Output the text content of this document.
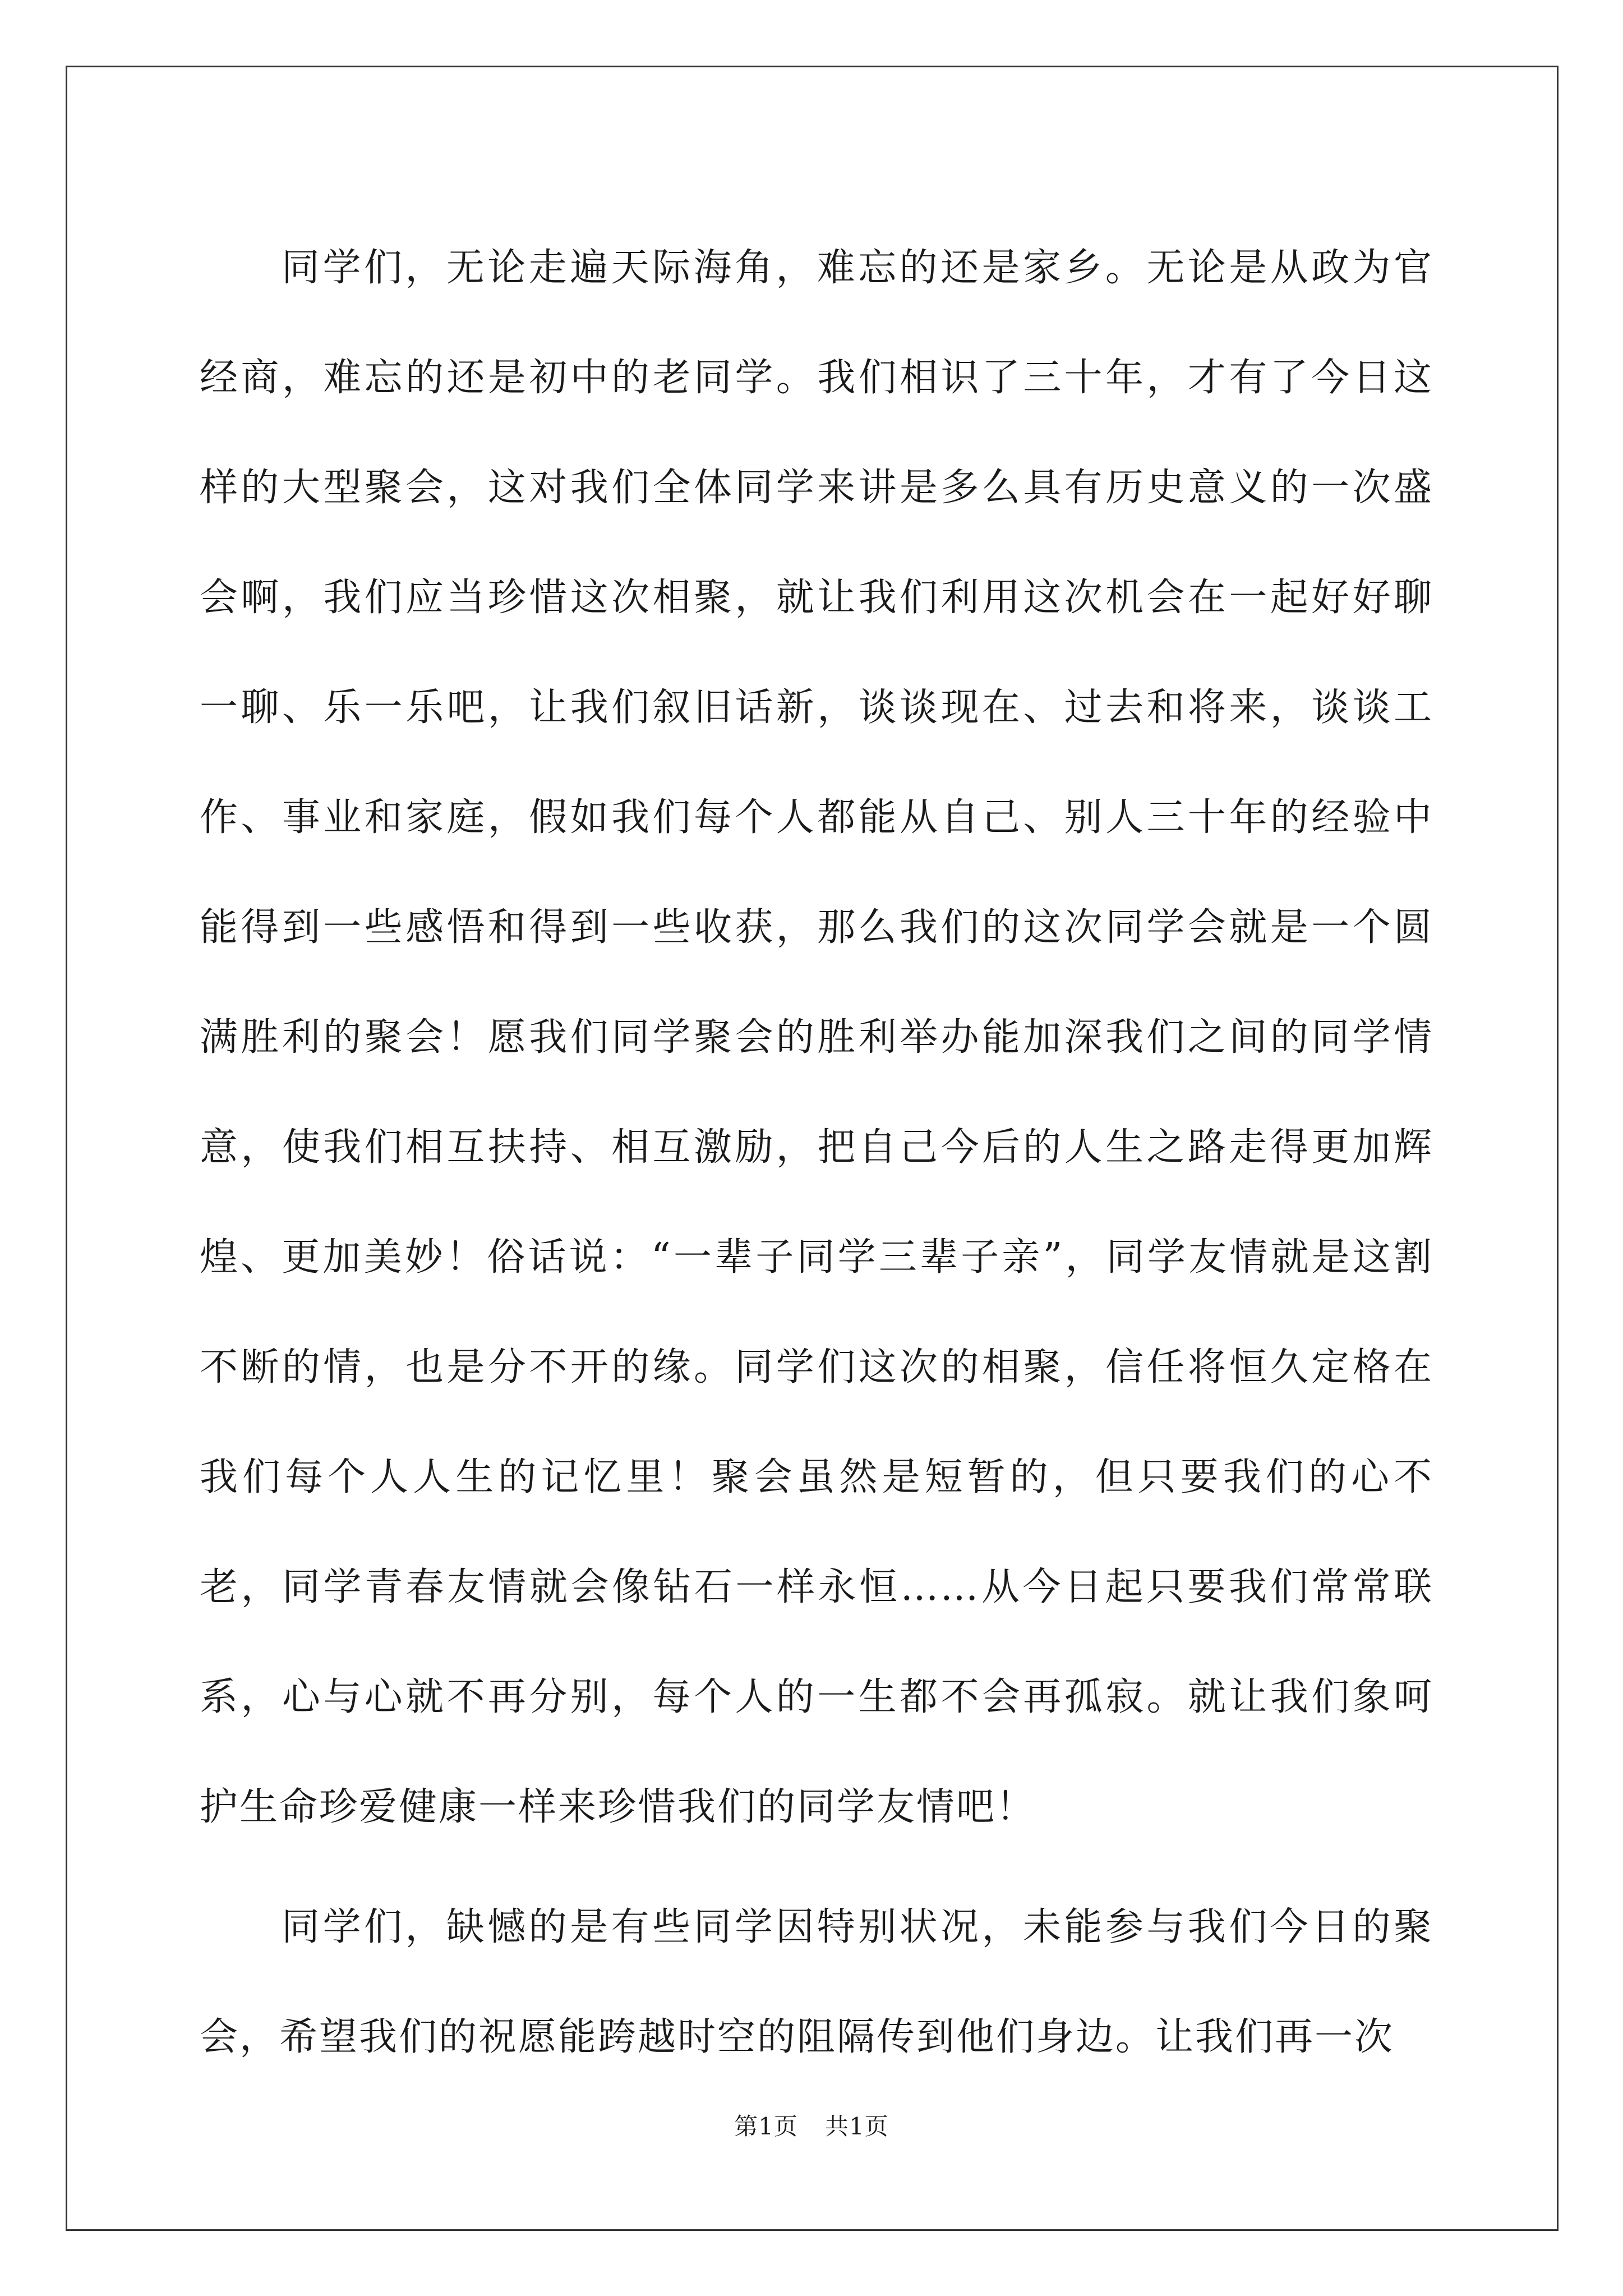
同学们，无论走遍天际海角，难忘的还是家乡。无论是从政为官经商，难忘的还是初中的老同学。我们相识了三十年，才有了今日这样的大型聚会，这对我们全体同学来讲是多么具有历史意义的一次盛会啊，我们应当珍惜这次相聚，就让我们利用这次机会在一起好好聊一聊、乐一乐吧，让我们叙旧话新，谈谈现在、过去和将来，谈谈工作、事业和家庭，假如我们每个人都能从自己、别人三十年的经验中能得到一些感悟和得到一些收获，那么我们的这次同学会就是一个圆满胜利的聚会！愿我们同学聚会的胜利举办能加深我们之间的同学情意，使我们相互扶持、相互激励，把自己今后的人生之路走得更加辉煌、更加美妙！俗话说：“一辈子同学三辈子亲”，同学友情就是这割不断的情，也是分不开的缘。同学们这次的相聚，信任将恒久定格在我们每个人人生的记忆里！聚会虽然是短暂的，但只要我们的心不老，同学青春友情就会像钻石一样永恒……从今日起只要我们常常联系，心与心就不再分别，每个人的一生都不会再孤寂。就让我们象呵护生命珍爱健康一样来珍惜我们的同学友情吧！

同学们，缺憾的是有些同学因特别状况，未能参与我们今日的聚会，希望我们的祝愿能跨越时空的阻隔传到他们身边。让我们再一次

第1页 共1页
